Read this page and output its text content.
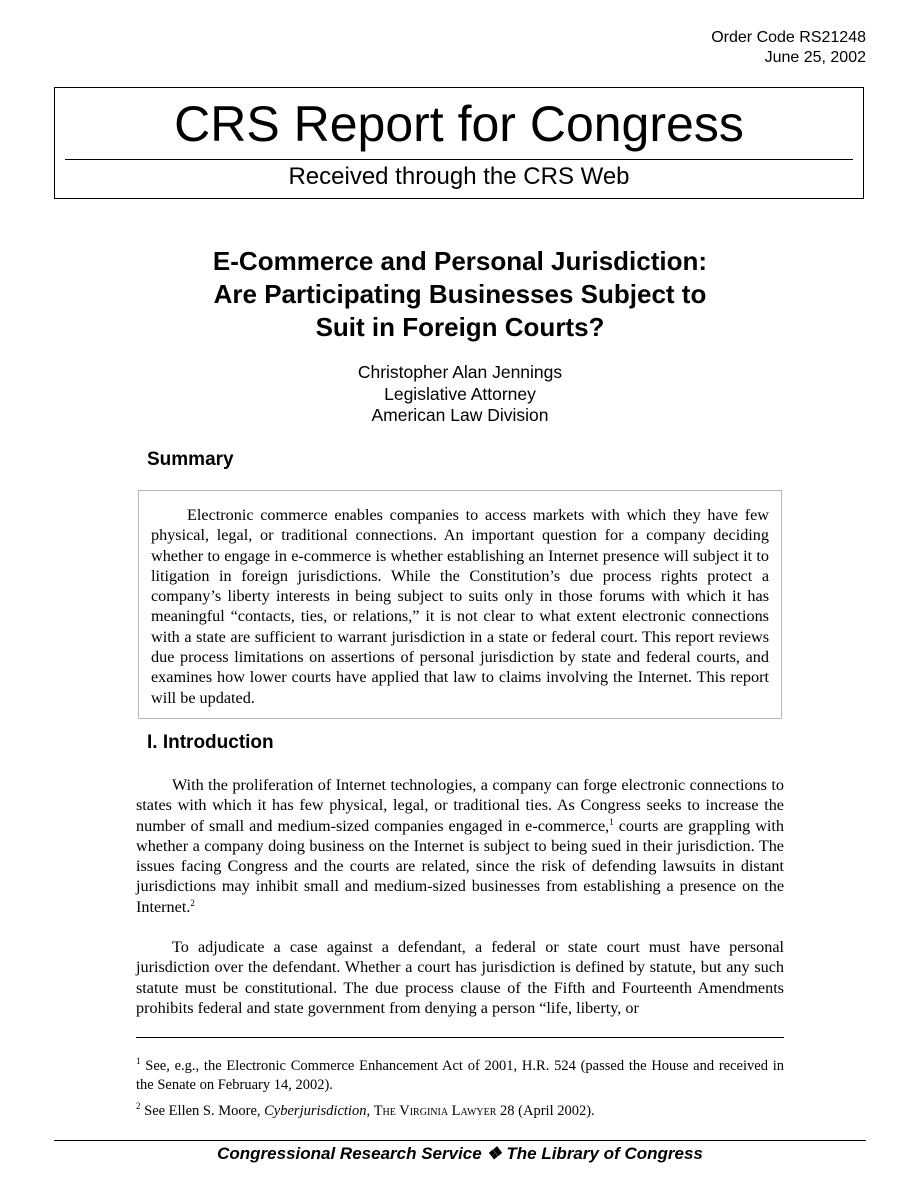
Order Code RS21248
June 25, 2002
CRS Report for Congress
Received through the CRS Web
E-Commerce and Personal Jurisdiction:
Are Participating Businesses Subject to
Suit in Foreign Courts?
Christopher Alan Jennings
Legislative Attorney
American Law Division
Summary

Electronic commerce enables companies to access markets with which they have few physical, legal, or traditional connections. An important question for a company deciding whether to engage in e-commerce is whether establishing an Internet presence will subject it to litigation in foreign jurisdictions. While the Constitution’s due process rights protect a company’s liberty interests in being subject to suits only in those forums with which it has meaningful “contacts, ties, or relations,” it is not clear to what extent electronic connections with a state are sufficient to warrant jurisdiction in a state or federal court. This report reviews due process limitations on assertions of personal jurisdiction by state and federal courts, and examines how lower courts have applied that law to claims involving the Internet. This report will be updated.

I. Introduction

With the proliferation of Internet technologies, a company can forge electronic connections to states with which it has few physical, legal, or traditional ties. As Congress seeks to increase the number of small and medium-sized companies engaged in e-commerce,$^1$ courts are grappling with whether a company doing business on the Internet is subject to being sued in their jurisdiction. The issues facing Congress and the courts are related, since the risk of defending lawsuits in distant jurisdictions may inhibit small and medium-sized businesses from establishing a presence on the Internet.$^2$

To adjudicate a case against a defendant, a federal or state court must have personal jurisdiction over the defendant. Whether a court has jurisdiction is defined by statute, but any such statute must be constitutional. The due process clause of the Fifth and Fourteenth Amendments prohibits federal and state government from denying a person “life, liberty, or

$^1$ See, e.g., the Electronic Commerce Enhancement Act of 2001, H.R. 524 (passed the House and received in the Senate on February 14, 2002).

$^2$ See Ellen S. Moore, Cyberjurisdiction, The Virginia Lawyer 28 (April 2002).

Congressional Research Service ❖ The Library of Congress
